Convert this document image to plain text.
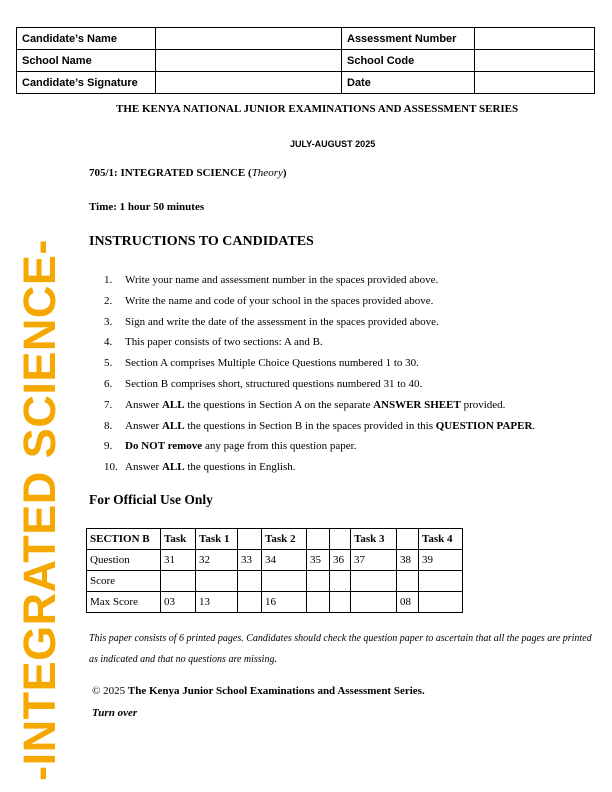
Candidate’s Name		Assessment Number	
School Name		School Code	
Candidate’s Signature		Date	
-INTEGRATED SCIENCE-
THE KENYA NATIONAL JUNIOR EXAMINATIONS AND ASSESSMENT SERIES
JULY-AUGUST 2025
705/1: INTEGRATED SCIENCE (Theory)
Time: 1 hour 50 minutes
INSTRUCTIONS TO CANDIDATES
1. Write your name and assessment number in the spaces provided above.
2. Write the name and code of your school in the spaces provided above.
3. Sign and write the date of the assessment in the spaces provided above.
4. This paper consists of two sections: A and B.
5. Section A comprises Multiple Choice Questions numbered 1 to 30.
6. Section B comprises short, structured questions numbered 31 to 40.
7. Answer ALL the questions in Section A on the separate ANSWER SHEET provided.
8. Answer ALL the questions in Section B in the spaces provided in this QUESTION PAPER.
9. Do NOT remove any page from this question paper.
10. Answer ALL the questions in English.
For Official Use Only
SECTION B	Task	Task 1		Task 2			Task 3		Task 4
Question	31	32	33	34	35	36	37	38	39
Score									
Max Score	03	13		16				08	
This paper consists of 6 printed pages. Candidates should check the question paper to ascertain that all the pages are printed as indicated and that no questions are missing.
© 2025 The Kenya Junior School Examinations and Assessment Series.
Turn over
